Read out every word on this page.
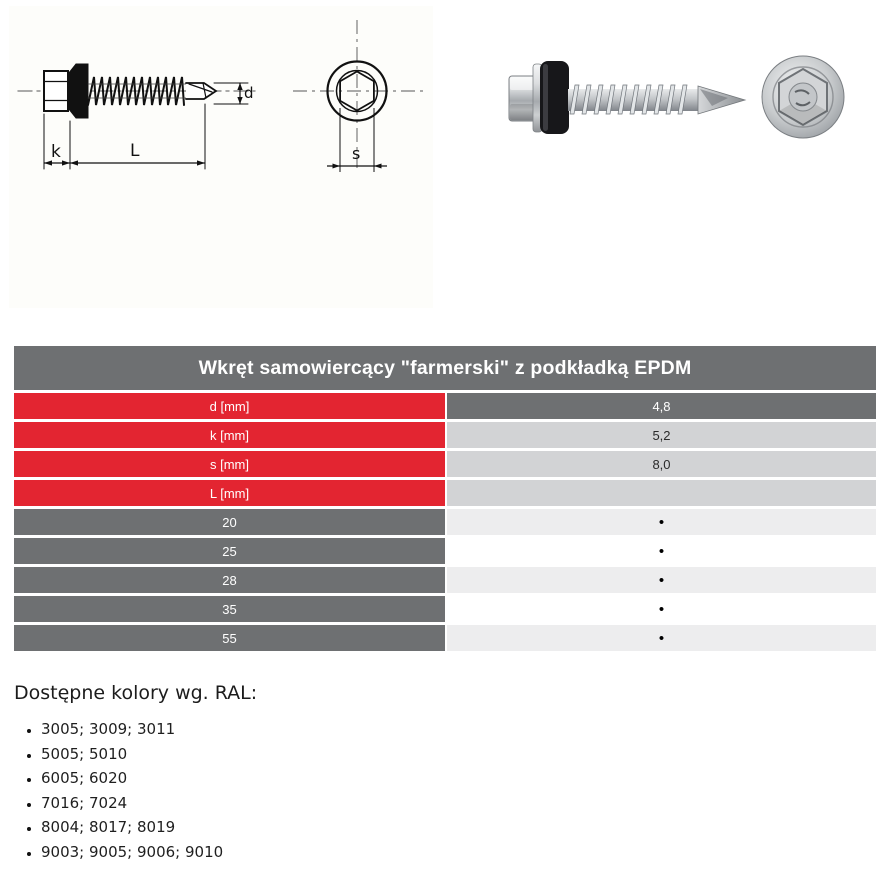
d
k	L	s
Wkręt samowiercący "farmerski" z podkładką EPDM
d [mm]	4,8
k [mm]	5,2
s [mm]	8,0
L [mm]
20	•
25	•
28	•
35	•
55	•
Dostępne kolory wg. RAL:
• 3005; 3009; 3011
• 5005; 5010
• 6005; 6020
• 7016; 7024
• 8004; 8017; 8019
• 9003; 9005; 9006; 9010
